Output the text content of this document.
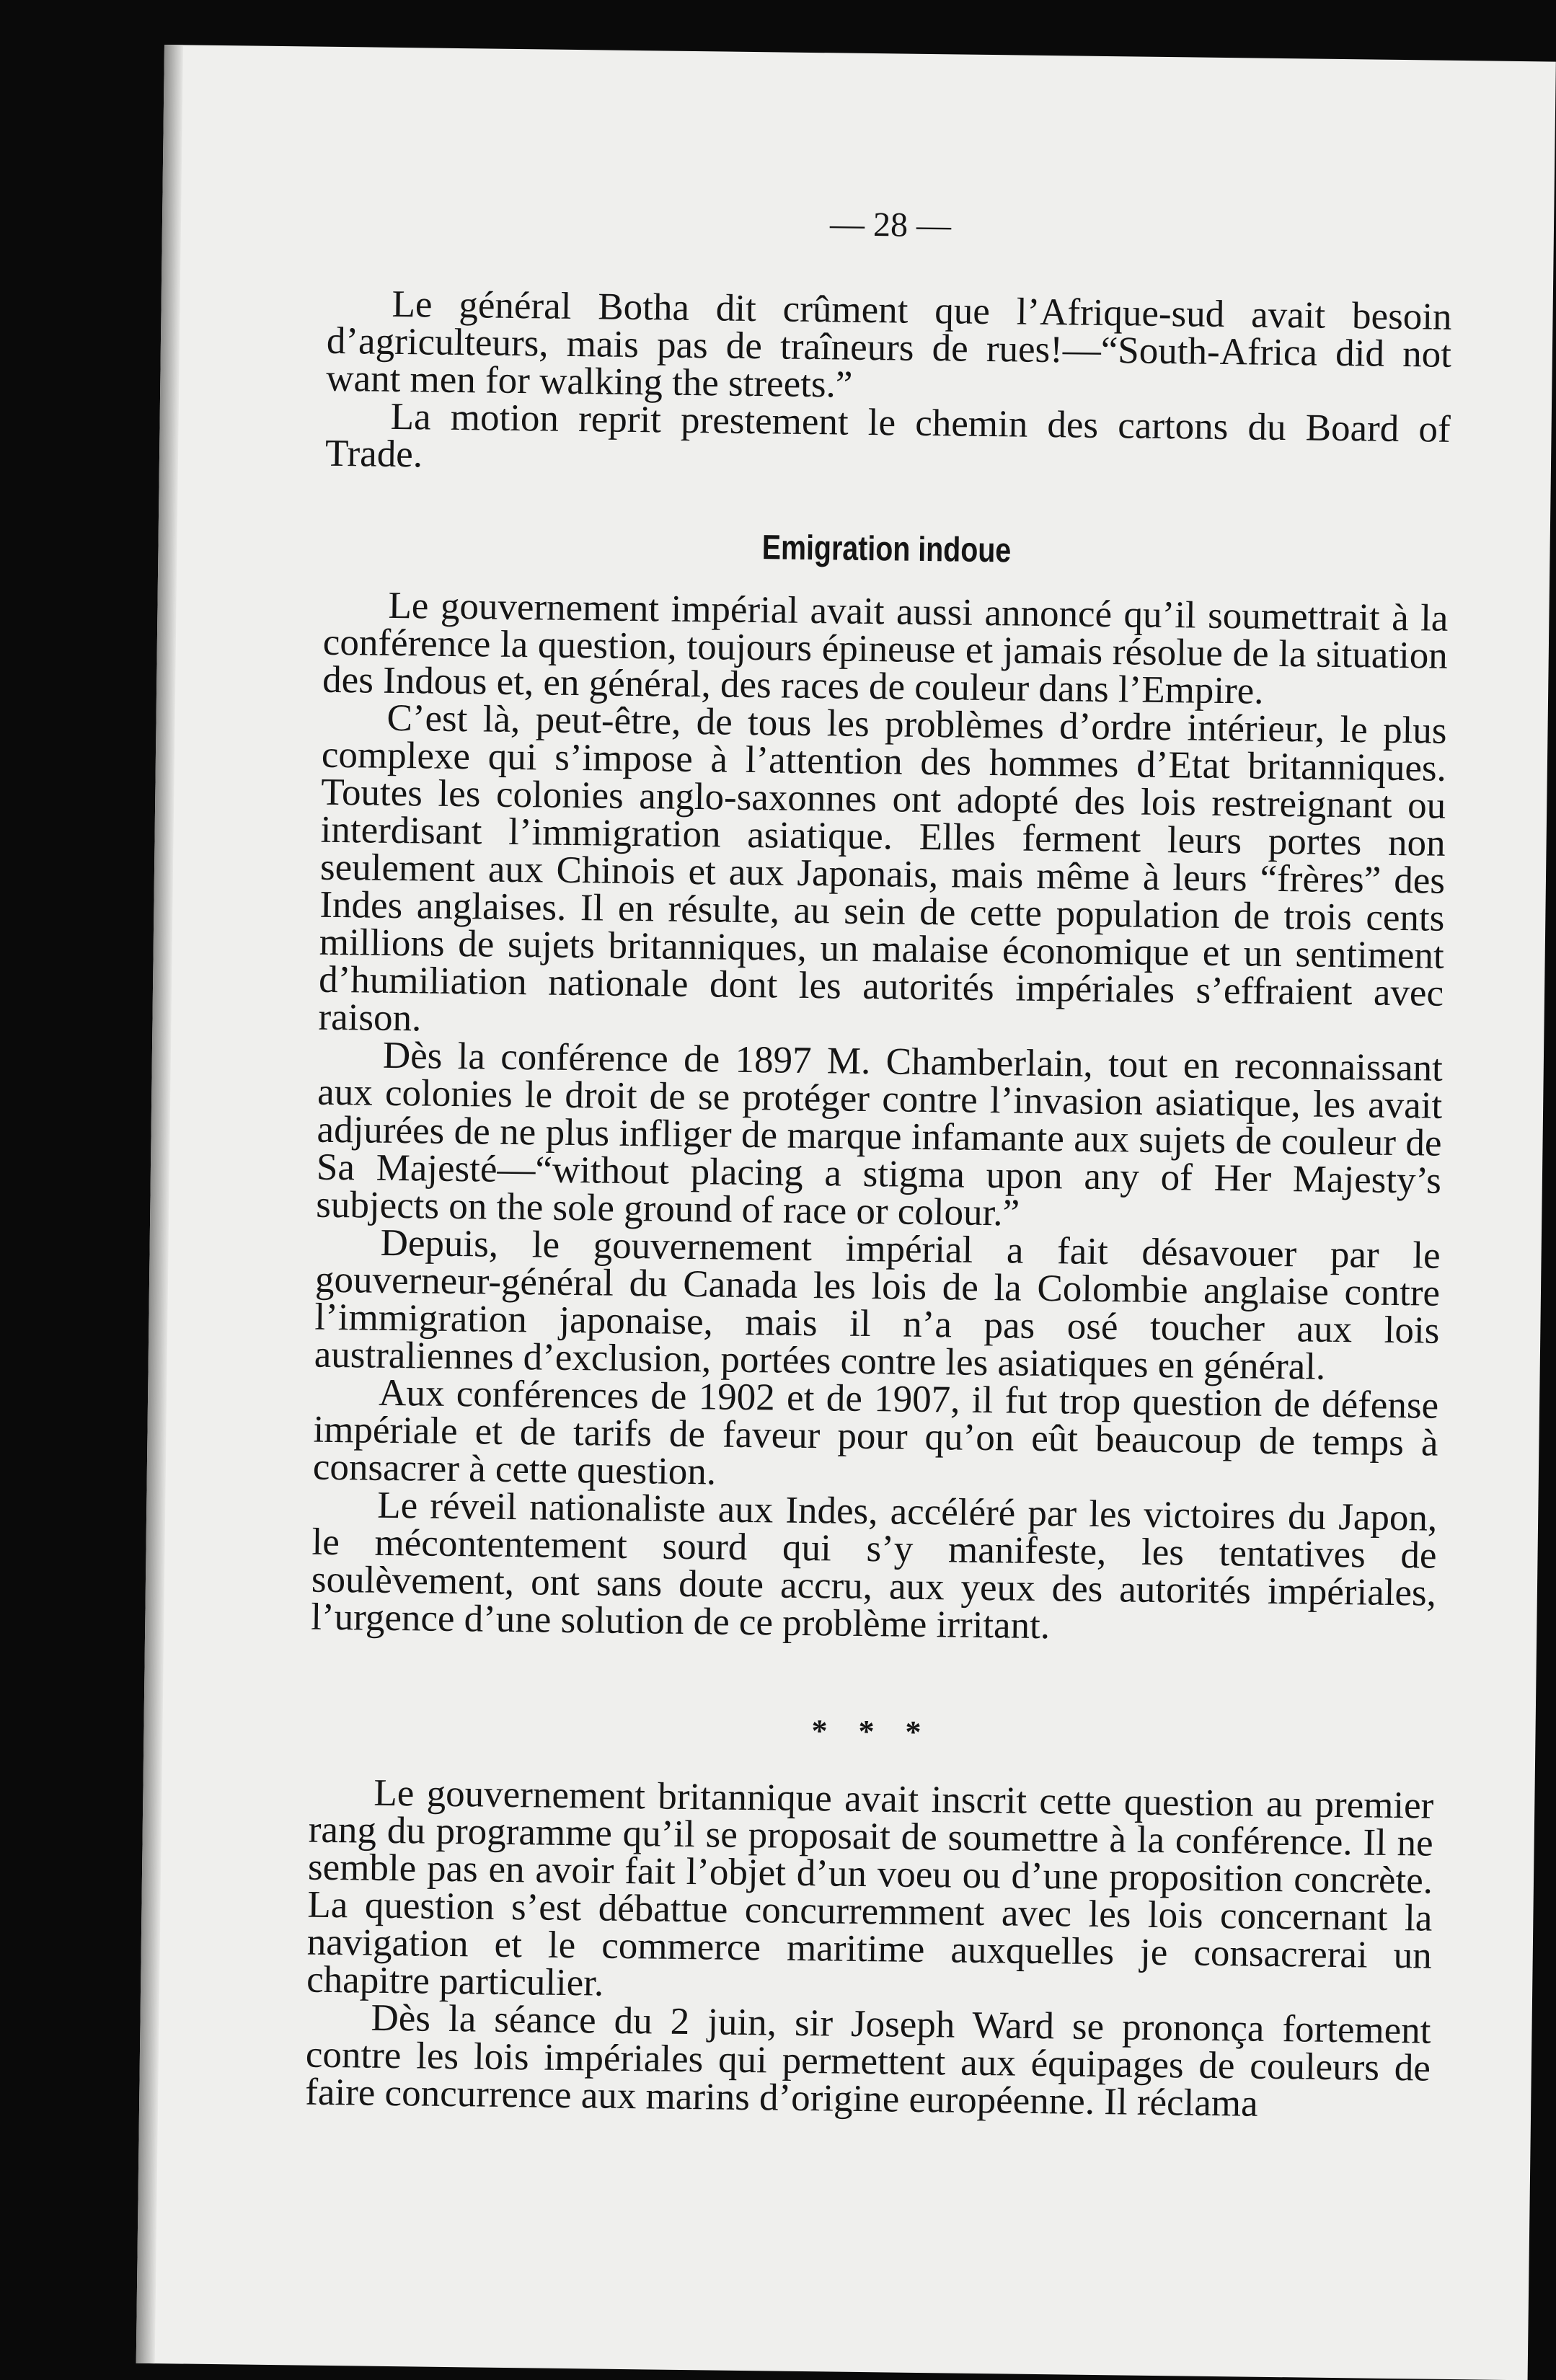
— 28 —

Le général Botha dit crûment que l’Afrique-sud avait besoin d’agriculteurs, mais pas de traîneurs de rues!—“South-Africa did not want men for walking the streets.”

La motion reprit prestement le chemin des cartons du Board of Trade.

Emigration indoue

Le gouvernement impérial avait aussi annoncé qu’il soumettrait à la conférence la question, toujours épineuse et jamais résolue de la situation des Indous et, en général, des races de couleur dans l’Empire.

C’est là, peut-être, de tous les problèmes d’ordre intérieur, le plus complexe qui s’impose à l’attention des hommes d’Etat britanniques. Toutes les colonies anglo-saxonnes ont adopté des lois restreignant ou interdisant l’immigration asiatique. Elles ferment leurs portes non seulement aux Chinois et aux Japonais, mais même à leurs “frères” des Indes anglaises. Il en résulte, au sein de cette population de trois cents millions de sujets britanniques, un malaise économique et un sentiment d’humiliation nationale dont les autorités impériales s’effraient avec raison.

Dès la conférence de 1897 M. Chamberlain, tout en reconnaissant aux colonies le droit de se protéger contre l’invasion asiatique, les avait adjurées de ne plus infliger de marque infamante aux sujets de couleur de Sa Majesté—“without placing a stigma upon any of Her Majesty’s subjects on the sole ground of race or colour.”

Depuis, le gouvernement impérial a fait désavouer par le gouverneur-général du Canada les lois de la Colombie anglaise contre l’immigration japonaise, mais il n’a pas osé toucher aux lois australiennes d’exclusion, portées contre les asiatiques en général.

Aux conférences de 1902 et de 1907, il fut trop question de défense impériale et de tarifs de faveur pour qu’on eût beaucoup de temps à consacrer à cette question.

Le réveil nationaliste aux Indes, accéléré par les victoires du Japon, le mécontentement sourd qui s’y manifeste, les tentatives de soulèvement, ont sans doute accru, aux yeux des autorités impériales, l’urgence d’une solution de ce problème irritant.

* * *

Le gouvernement britannique avait inscrit cette question au premier rang du programme qu’il se proposait de soumettre à la conférence. Il ne semble pas en avoir fait l’objet d’un voeu ou d’une proposition concrète. La question s’est débattue concurremment avec les lois concernant la navigation et le commerce maritime auxquelles je consacrerai un chapitre particulier.

Dès la séance du 2 juin, sir Joseph Ward se prononça fortement contre les lois impériales qui permettent aux équipages de couleurs de faire concurrence aux marins d’origine européenne. Il réclama
